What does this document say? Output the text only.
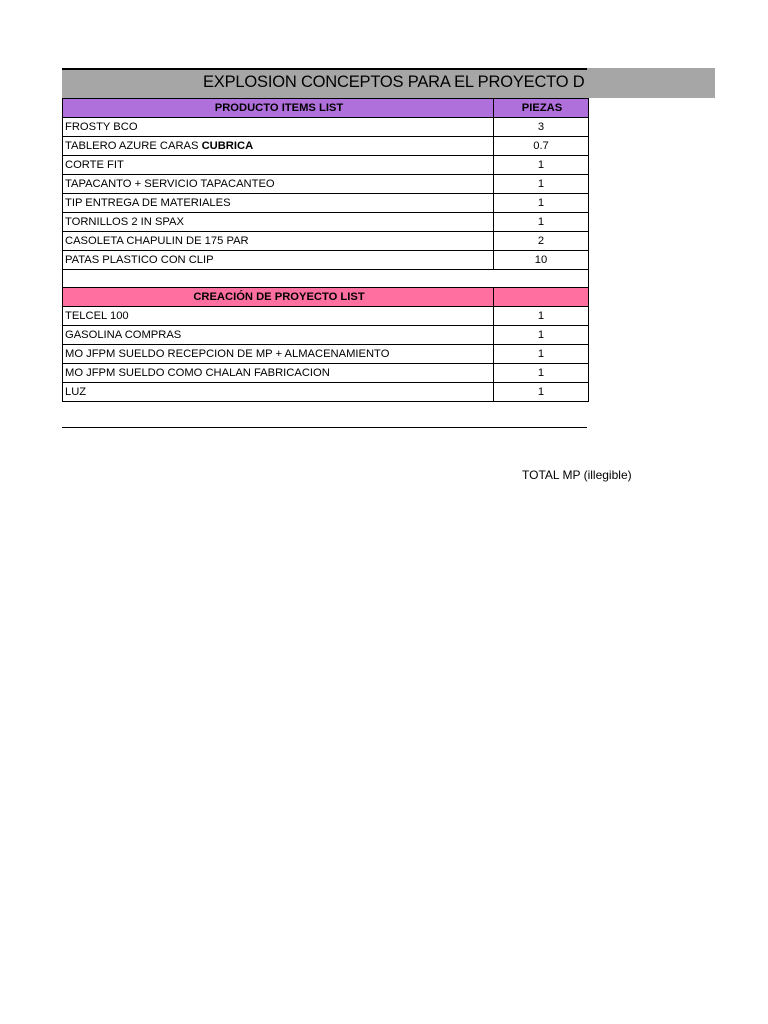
EXPLOSION CONCEPTOS PARA EL PROYECTO D
PRODUCTO ITEMS LIST	PIEZAS
FROSTY BCO	3
TABLERO AZURE CARAS CUBRICA	0.7
CORTE FIT	1
TAPACANTO + SERVICIO TAPACANTEO	1
TIP ENTREGA DE MATERIALES	1
TORNILLOS 2 IN SPAX	1
CASOLETA CHAPULIN DE 175 PAR	2
PATAS PLASTICO CON CLIP	10

CREACIÓN DE PROYECTO LIST	
TELCEL 100	1
GASOLINA COMPRAS	1
MO JFPM SUELDO RECEPCION DE MP + ALMACENAMIENTO	1
MO JFPM SUELDO COMO CHALAN FABRICACION	1
LUZ	1
TOTAL MP (illegible)
